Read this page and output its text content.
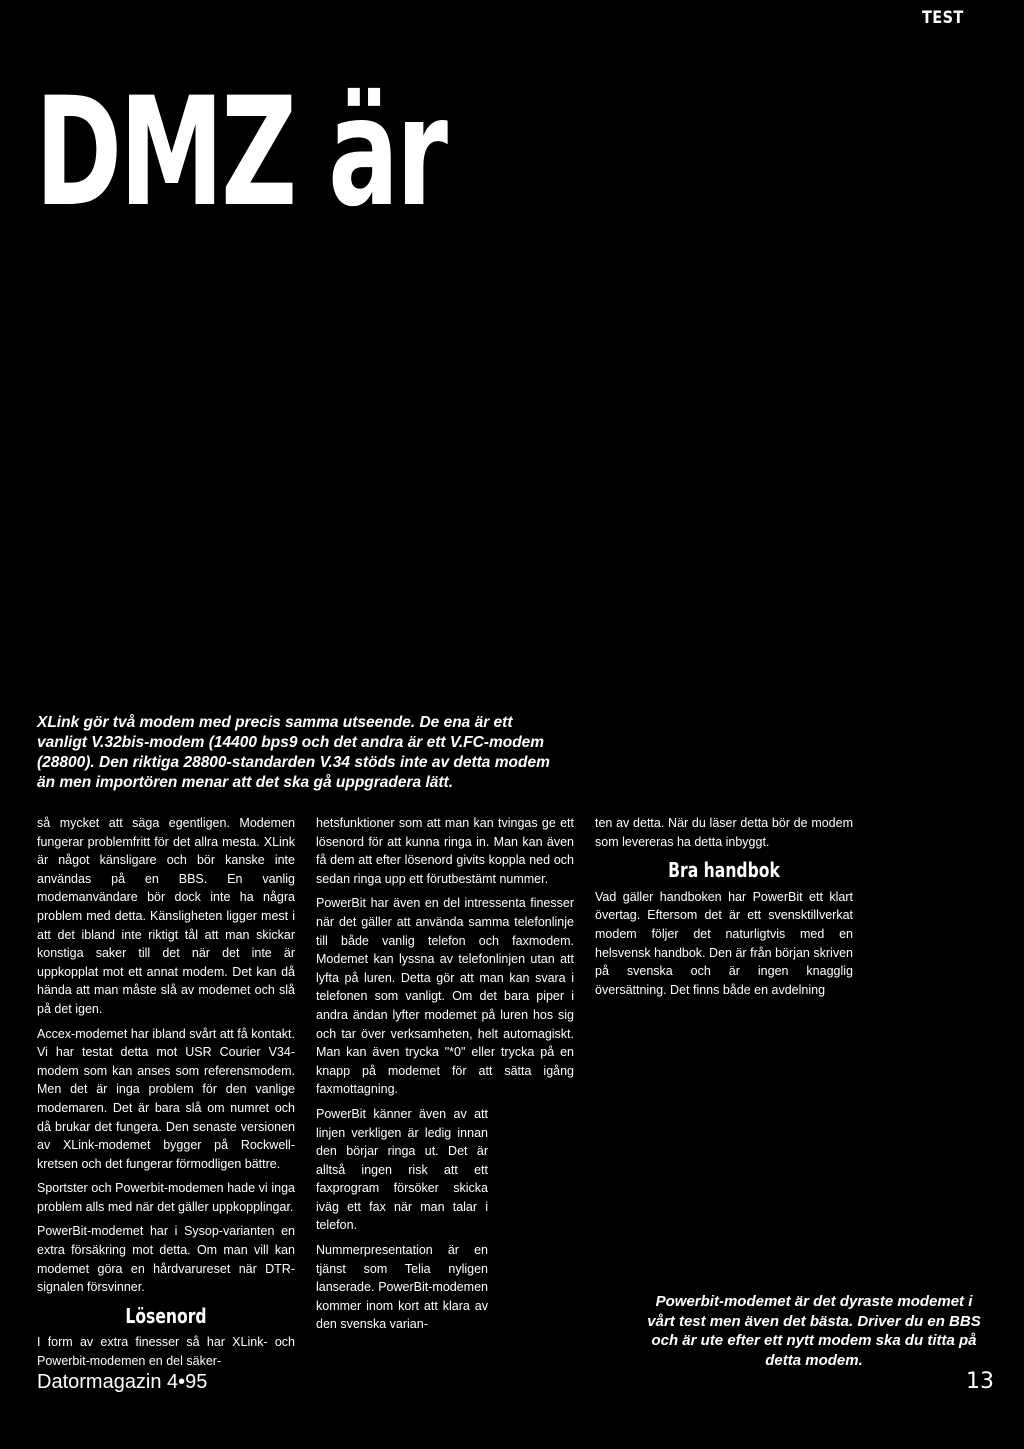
TEST
DMZ är
XLink gör två modem med precis samma utseende. De ena är ett vanligt V.32bis-modem (14400 bps9 och det andra är ett V.FC-modem (28800). Den riktiga 28800-standarden V.34 stöds inte av detta modem än men importören menar att det ska gå uppgradera lätt.

så mycket att säga egentligen. Modemen fungerar problemfritt för det allra mesta. XLink är något känsligare och bör kanske inte användas på en BBS. En vanlig modemanvändare bör dock inte ha några problem med detta. Känsligheten ligger mest i att det ibland inte riktigt tål att man skickar konstiga saker till det när det inte är uppkopplat mot ett annat modem. Det kan då hända att man måste slå av modemet och slå på det igen.

Accex-modemet har ibland svårt att få kontakt. Vi har testat detta mot USR Courier V34-modem som kan anses som referensmodem. Men det är inga problem för den vanlige modemaren. Det är bara slå om numret och då brukar det fungera. Den senaste versionen av XLink-modemet bygger på Rockwell-kretsen och det fungerar förmodligen bättre.

Sportster och Powerbit-modemen hade vi inga problem alls med när det gäller uppkopplingar.

PowerBit-modemet har i Sysop-varianten en extra försäkring mot detta. Om man vill kan modemet göra en hårdvarureset när DTR-signalen försvinner.

Lösenord

I form av extra finesser så har XLink- och Powerbit-modemen en del säker-

hetsfunktioner som att man kan tvingas ge ett lösenord för att kunna ringa in. Man kan även få dem att efter lösenord givits koppla ned och sedan ringa upp ett förutbestämt nummer.

PowerBit har även en del intressenta finesser när det gäller att använda samma telefonlinje till både vanlig telefon och faxmodem. Modemet kan lyssna av telefonlinjen utan att lyfta på luren. Detta gör att man kan svara i telefonen som vanligt. Om det bara piper i andra ändan lyfter modemet på luren hos sig och tar över verksamheten, helt automagiskt. Man kan även trycka "*0" eller trycka på en knapp på modemet för att sätta igång faxmottagning.

PowerBit känner även av att linjen verkligen är ledig innan den börjar ringa ut. Det är alltså ingen risk att ett faxprogram försöker skicka iväg ett fax när man talar i telefon.

Nummerpresentation är en tjänst som Telia nyligen lanserade. PowerBit-modemen kommer inom kort att klara av den svenska varian-

ten av detta. När du läser detta bör de modem som levereras ha detta inbyggt.

Bra handbok

Vad gäller handboken har PowerBit ett klart övertag. Eftersom det är ett svensktillverkat modem följer det naturligtvis med en helsvensk handbok. Den är från början skriven på svenska och är ingen knagglig översättning. Det finns både en avdelning

Powerbit-modemet är det dyraste modemet i vårt test men även det bästa. Driver du en BBS och är ute efter ett nytt modem ska du titta på detta modem.
Datormagazin 4•95	13
